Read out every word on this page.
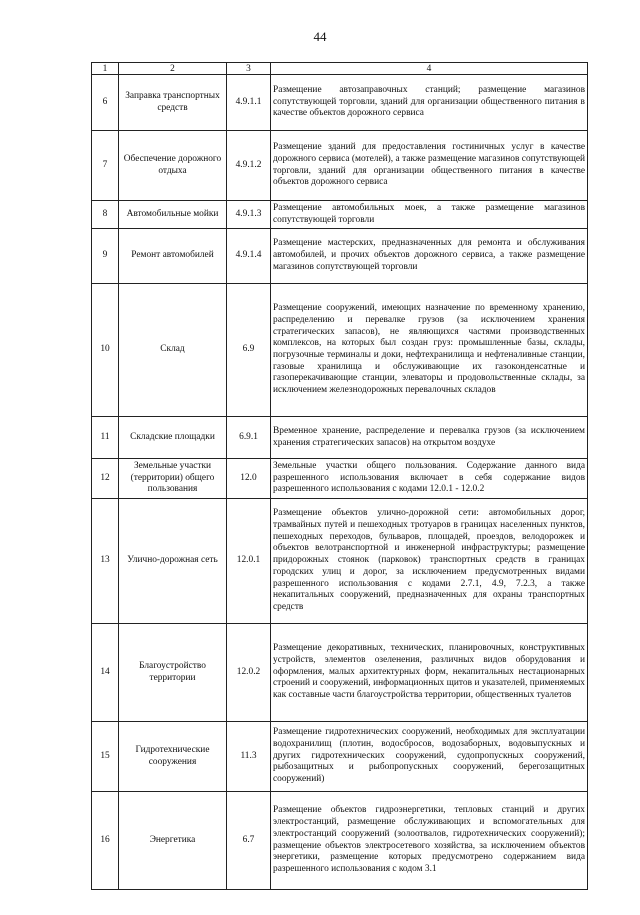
44
1	2	3	4
6	Заправка транспортных средств	4.9.1.1	Размещение автозаправочных станций; размещение магазинов сопутствующей торговли, зданий для организации общественного питания в качестве объектов дорожного сервиса
7	Обеспечение дорожного отдыха	4.9.1.2	Размещение зданий для предоставления гостиничных услуг в качестве дорожного сервиса (мотелей), а также размещение магазинов сопутствующей торговли, зданий для организации общественного питания в качестве объектов дорожного сервиса
8	Автомобильные мойки	4.9.1.3	Размещение автомобильных моек, а также размещение магазинов сопутствующей торговли
9	Ремонт автомобилей	4.9.1.4	Размещение мастерских, предназначенных для ремонта и обслуживания автомобилей, и прочих объектов дорожного сервиса, а также размещение магазинов сопутствующей торговли
10	Склад	6.9	Размещение сооружений, имеющих назначение по временному хранению, распределению и перевалке грузов (за исключением хранения стратегических запасов), не являющихся частями производственных комплексов, на которых был создан груз: промышленные базы, склады, погрузочные терминалы и доки, нефтехранилища и нефтеналивные станции, газовые хранилища и обслуживающие их газоконденсатные и газоперекачивающие станции, элеваторы и продовольственные склады, за исключением железнодорожных перевалочных складов
11	Складские площадки	6.9.1	Временное хранение, распределение и перевалка грузов (за исключением хранения стратегических запасов) на открытом воздухе
12	Земельные участки (территории) общего пользования	12.0	Земельные участки общего пользования. Содержание данного вида разрешенного использования включает в себя содержание видов разрешенного использования с кодами 12.0.1 - 12.0.2
13	Улично-дорожная сеть	12.0.1	Размещение объектов улично-дорожной сети: автомобильных дорог, трамвайных путей и пешеходных тротуаров в границах населенных пунктов, пешеходных переходов, бульваров, площадей, проездов, велодорожек и объектов велотранспортной и инженерной инфраструктуры; размещение придорожных стоянок (парковок) транспортных средств в границах городских улиц и дорог, за исключением предусмотренных видами разрешенного использования с кодами 2.7.1, 4.9, 7.2.3, а также некапитальных сооружений, предназначенных для охраны транспортных средств
14	Благоустройство территории	12.0.2	Размещение декоративных, технических, планировочных, конструктивных устройств, элементов озеленения, различных видов оборудования и оформления, малых архитектурных форм, некапитальных нестационарных строений и сооружений, информационных щитов и указателей, применяемых как составные части благоустройства территории, общественных туалетов
15	Гидротехнические сооружения	11.3	Размещение гидротехнических сооружений, необходимых для эксплуатации водохранилищ (плотин, водосбросов, водозаборных, водовыпускных и других гидротехнических сооружений, судопропускных сооружений, рыбозащитных и рыбопропускных сооружений, берегозащитных сооружений)
16	Энергетика	6.7	Размещение объектов гидроэнергетики, тепловых станций и других электростанций, размещение обслуживающих и вспомогательных для электростанций сооружений (золоотвалов, гидротехнических сооружений); размещение объектов электросетевого хозяйства, за исключением объектов энергетики, размещение которых предусмотрено содержанием вида разрешенного использования с кодом 3.1
